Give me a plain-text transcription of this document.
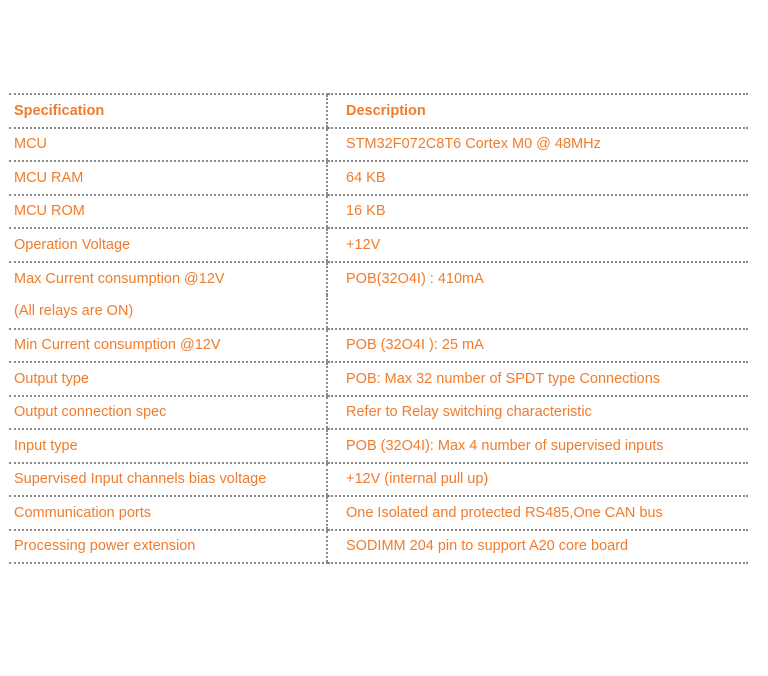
Specification	Description
MCU	STM32F072C8T6 Cortex M0 @ 48MHz
MCU RAM	64 KB
MCU ROM	16 KB
Operation Voltage	+12V
Max Current consumption @12V	POB(32O4I) : 410mA
(All relays are ON)	
Min Current consumption @12V	POB (32O4I ): 25 mA
Output type	POB: Max 32 number of SPDT type Connections
Output connection spec	Refer to Relay switching characteristic
Input type	POB (32O4I): Max 4 number of supervised inputs
Supervised Input channels bias voltage	+12V (internal pull up)
Communication ports	One Isolated and protected RS485,One CAN bus
Processing power extension	SODIMM 204 pin to support A20 core board
